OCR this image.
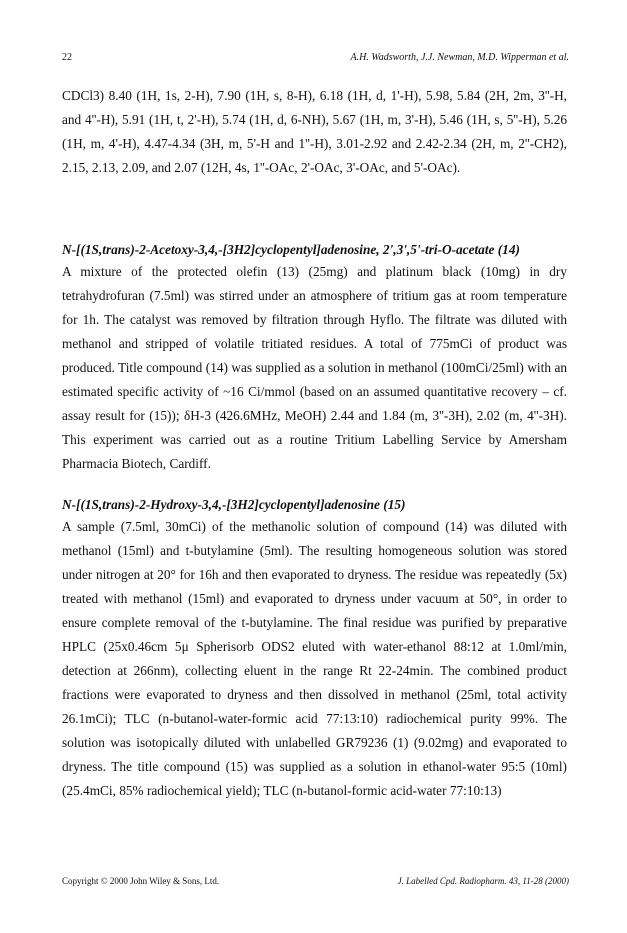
22	A.H. Wadsworth, J.J. Newman, M.D. Wipperman et al.

CDCl3) 8.40 (1H, 1s, 2-H), 7.90 (1H, s, 8-H), 6.18 (1H, d, 1'-H), 5.98, 5.84 (2H, 2m, 3''-H, and 4''-H), 5.91 (1H, t, 2'-H), 5.74 (1H, d, 6-NH), 5.67 (1H, m, 3'-H), 5.46 (1H, s, 5''-H), 5.26 (1H, m, 4'-H), 4.47-4.34 (3H, m, 5'-H and 1''-H), 3.01-2.92 and 2.42-2.34 (2H, m, 2''-CH2), 2.15, 2.13, 2.09, and 2.07 (12H, 4s, 1''-OAc, 2'-OAc, 3'-OAc, and 5'-OAc).

N-[(1S,trans)-2-Acetoxy-3,4,-[3H2]cyclopentyl]adenosine, 2',3',5'-tri-O-acetate (14)

A mixture of the protected olefin (13) (25mg) and platinum black (10mg) in dry tetrahydrofuran (7.5ml) was stirred under an atmosphere of tritium gas at room temperature for 1h. The catalyst was removed by filtration through Hyflo. The filtrate was diluted with methanol and stripped of volatile tritiated residues. A total of 775mCi of product was produced. Title compound (14) was supplied as a solution in methanol (100mCi/25ml) with an estimated specific activity of ~16 Ci/mmol (based on an assumed quantitative recovery – cf. assay result for (15)); δH-3 (426.6MHz, MeOH) 2.44 and 1.84 (m, 3''-3H), 2.02 (m, 4''-3H). This experiment was carried out as a routine Tritium Labelling Service by Amersham Pharmacia Biotech, Cardiff.

N-[(1S,trans)-2-Hydroxy-3,4,-[3H2]cyclopentyl]adenosine (15)

A sample (7.5ml, 30mCi) of the methanolic solution of compound (14) was diluted with methanol (15ml) and t-butylamine (5ml). The resulting homogeneous solution was stored under nitrogen at 20° for 16h and then evaporated to dryness. The residue was repeatedly (5x) treated with methanol (15ml) and evaporated to dryness under vacuum at 50°, in order to ensure complete removal of the t-butylamine. The final residue was purified by preparative HPLC (25x0.46cm 5μ Spherisorb ODS2 eluted with water-ethanol 88:12 at 1.0ml/min, detection at 266nm), collecting eluent in the range Rt 22-24min. The combined product fractions were evaporated to dryness and then dissolved in methanol (25ml, total activity 26.1mCi); TLC (n-butanol-water-formic acid 77:13:10) radiochemical purity 99%. The solution was isotopically diluted with unlabelled GR79236 (1) (9.02mg) and evaporated to dryness. The title compound (15) was supplied as a solution in ethanol-water 95:5 (10ml) (25.4mCi, 85% radiochemical yield); TLC (n-butanol-formic acid-water 77:10:13)

Copyright © 2000 John Wiley & Sons, Ltd.	J. Labelled Cpd. Radiopharm. 43, 11-28 (2000)
